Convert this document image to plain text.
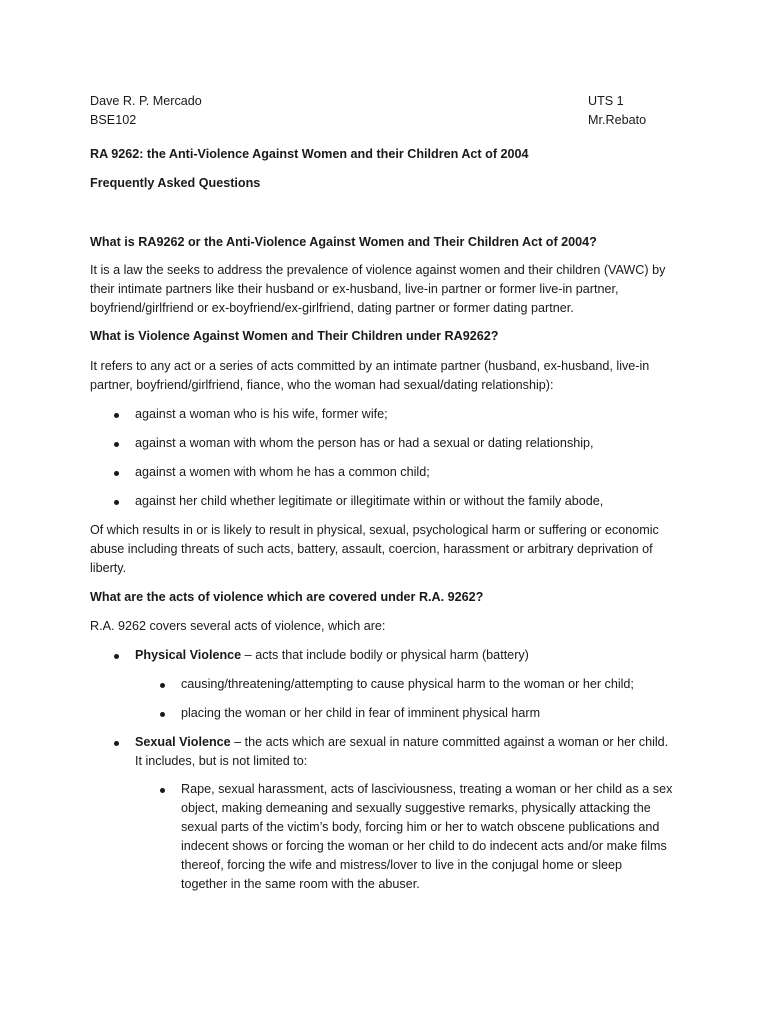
Dave R. P. Mercado
BSE102
UTS 1
Mr.Rebato
RA 9262: the Anti-Violence Against Women and their Children Act of 2004
Frequently Asked Questions
What is RA9262 or the Anti-Violence Against Women and Their Children Act of 2004?
It is a law the seeks to address the prevalence of violence against women and their children (VAWC) by
their intimate partners like their husband or ex-husband, live-in partner or former live-in partner,
boyfriend/girlfriend or ex-boyfriend/ex-girlfriend, dating partner or former dating partner.
What is Violence Against Women and Their Children under RA9262?
It refers to any act or a series of acts committed by an intimate partner (husband, ex-husband, live-in
partner, boyfriend/girlfriend, fiance, who the woman had sexual/dating relationship):
against a woman who is his wife, former wife;
against a woman with whom the person has or had a sexual or dating relationship,
against a women with whom he has a common child;
against her child whether legitimate or illegitimate within or without the family abode,
Of which results in or is likely to result in physical, sexual, psychological harm or suffering or economic
abuse including threats of such acts, battery, assault, coercion, harassment or arbitrary deprivation of
liberty.
What are the acts of violence which are covered under R.A. 9262?
R.A. 9262 covers several acts of violence, which are:
Physical Violence – acts that include bodily or physical harm (battery)
causing/threatening/attempting to cause physical harm to the woman or her child;
placing the woman or her child in fear of imminent physical harm
Sexual Violence – the acts which are sexual in nature committed against a woman or her child.
It includes, but is not limited to:
Rape, sexual harassment, acts of lasciviousness, treating a woman or her child as a sex
object, making demeaning and sexually suggestive remarks, physically attacking the
sexual parts of the victim’s body, forcing him or her to watch obscene publications and
indecent shows or forcing the woman or her child to do indecent acts and/or make films
thereof, forcing the wife and mistress/lover to live in the conjugal home or sleep
together in the same room with the abuser.
